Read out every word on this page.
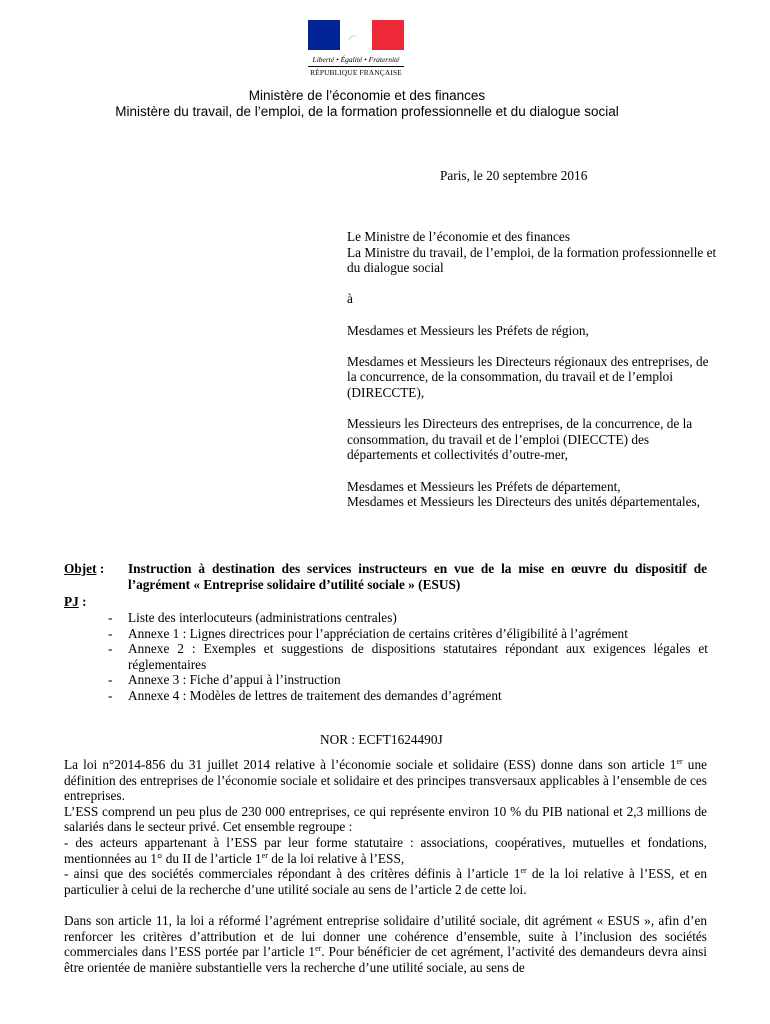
Liberté • Égalité • Fraternité
RÉPUBLIQUE FRANÇAISE
Ministère de l’économie et des finances
Ministère du travail, de l’emploi, de la formation professionnelle et du dialogue social
Paris, le 20 septembre 2016

Le Ministre de l’économie et des finances
La Ministre du travail, de l’emploi, de la formation professionnelle et du dialogue social

à

Mesdames et Messieurs les Préfets de région,

Mesdames et Messieurs les Directeurs régionaux des entreprises, de la concurrence, de la consommation, du travail et de l’emploi (DIRECCTE),

Messieurs les Directeurs des entreprises, de la concurrence, de la consommation, du travail et de l’emploi (DIECCTE) des départements et collectivités d’outre-mer,

Mesdames et Messieurs les Préfets de département,
Mesdames et Messieurs les Directeurs des unités départementales,

Objet : Instruction à destination des services instructeurs en vue de la mise en œuvre du dispositif de l’agrément « Entreprise solidaire d’utilité sociale » (ESUS)
PJ :
- Liste des interlocuteurs (administrations centrales)
- Annexe 1 : Lignes directrices pour l’appréciation de certains critères d’éligibilité à l’agrément
- Annexe 2 : Exemples et suggestions de dispositions statutaires répondant aux exigences légales et réglementaires
- Annexe 3 : Fiche d’appui à l’instruction
- Annexe 4 : Modèles de lettres de traitement des demandes d’agrément
NOR : ECFT1624490J

La loi n°2014-856 du 31 juillet 2014 relative à l’économie sociale et solidaire (ESS) donne dans son article 1er une définition des entreprises de l’économie sociale et solidaire et des principes transversaux applicables à l’ensemble de ces entreprises.

L’ESS comprend un peu plus de 230 000 entreprises, ce qui représente environ 10 % du PIB national et 2,3 millions de salariés dans le secteur privé. Cet ensemble regroupe :

- des acteurs appartenant à l’ESS par leur forme statutaire : associations, coopératives, mutuelles et fondations, mentionnées au 1° du II de l’article 1er de la loi relative à l’ESS,

- ainsi que des sociétés commerciales répondant à des critères définis à l’article 1er de la loi relative à l’ESS, et en particulier à celui de la recherche d’une utilité sociale au sens de l’article 2 de cette loi.

Dans son article 11, la loi a réformé l’agrément entreprise solidaire d’utilité sociale, dit agrément « ESUS », afin d’en renforcer les critères d’attribution et de lui donner une cohérence d’ensemble, suite à l’inclusion des sociétés commerciales dans l’ESS portée par l’article 1er. Pour bénéficier de cet agrément, l’activité des demandeurs devra ainsi être orientée de manière substantielle vers la recherche d’une utilité sociale, au sens de
